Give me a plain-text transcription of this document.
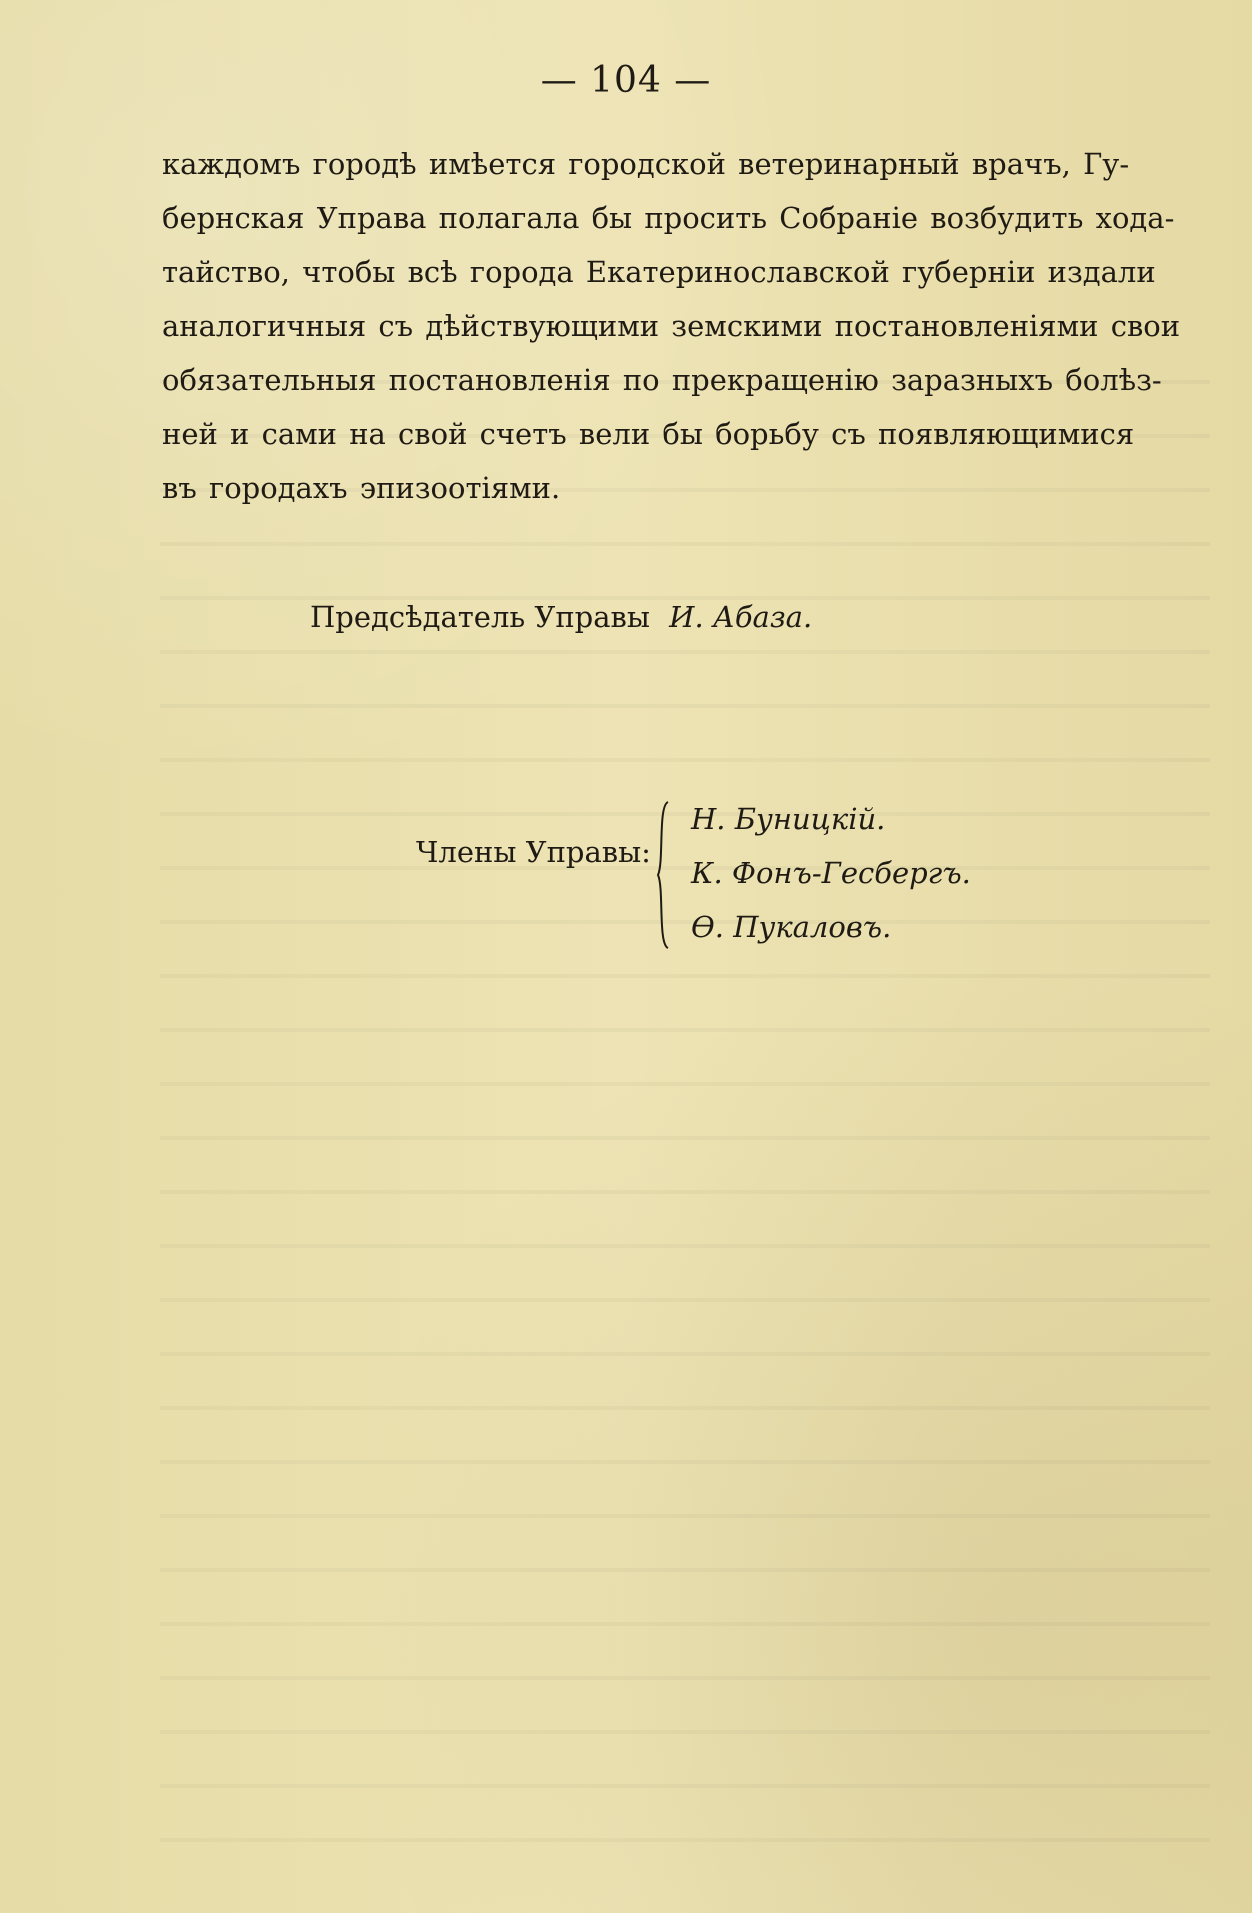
— 104 —

каждомъ городѣ имѣется городской ветеринарный врачъ, Гу-

бернская Управа полагала бы просить Собраніе возбудить хода-

тайство, чтобы всѣ города Екатеринославской губерніи издали

аналогичныя съ дѣйствующими земскими постановленіями свои

обязательныя постановленія по прекращенію заразныхъ болѣз-

ней и сами на свой счетъ вели бы борьбу съ появляющимися

въ городахъ эпизоотіями.

Предсѣдатель Управы И. Абаза.
Члены Управы:
Н. Буницкій.
К. Фонъ-Гесбергъ.
Ѳ. Пукаловъ.
